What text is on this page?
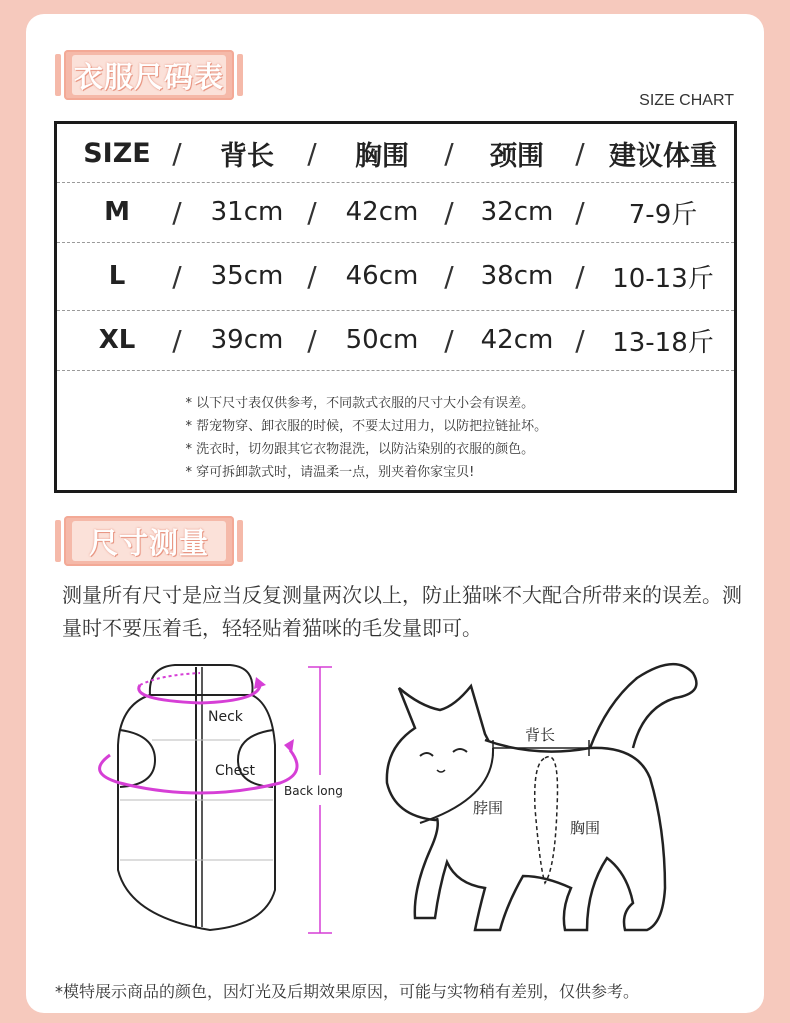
衣服尺码表
SIZE CHART
SIZE /	背长	/	胸围	/	颈围	/ 建议体重
M	/	31cm /	42cm /	32cm /	7-9斤
L	/	35cm /	46cm /	38cm /	10-13斤
XL	/	39cm /	50cm /	42cm /	13-18斤
* 以下尺寸表仅供参考，不同款式衣服的尺寸大小会有误差。
* 帮宠物穿、卸衣服的时候，不要太过用力，以防把拉链扯坏。
* 洗衣时，切勿跟其它衣物混洗，以防沾染别的衣服的颜色。
* 穿可拆卸款式时，请温柔一点，别夹着你家宝贝!
尺寸测量
测量所有尺寸是应当反复测量两次以上，防止猫咪不大配合所带来的误差。测量时不要压着毛，轻轻贴着猫咪的毛发量即可。
Neck
Chest
Back long
背长
脖围
胸围
*模特展示商品的颜色，因灯光及后期效果原因，可能与实物稍有差别，仅供参考。
